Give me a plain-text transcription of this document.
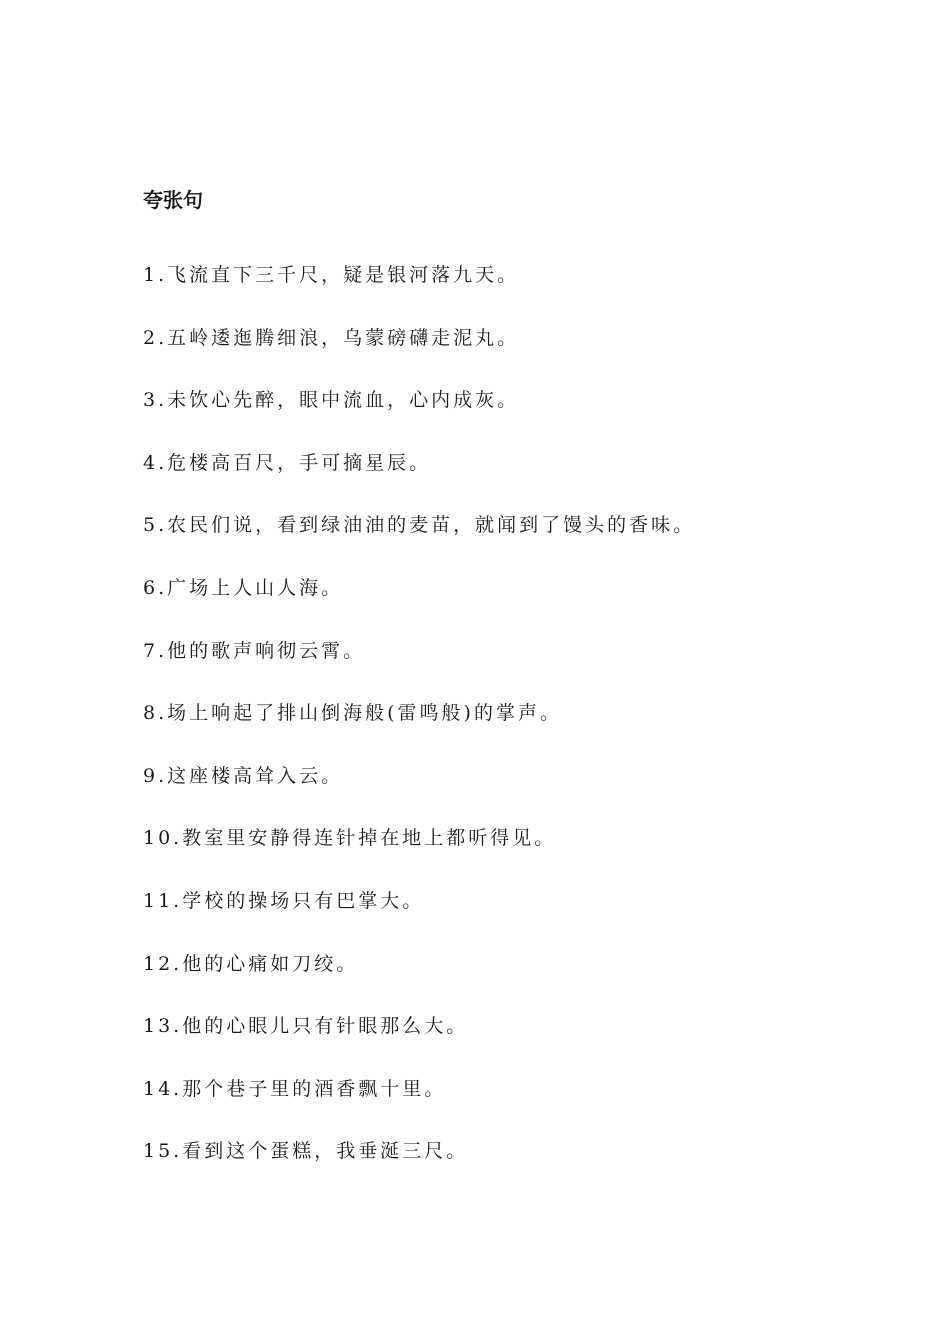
夸张句
1.飞流直下三千尺，疑是银河落九天。
2.五岭逶迤腾细浪，乌蒙磅礴走泥丸。
3.未饮心先醉，眼中流血，心内成灰。
4.危楼高百尺，手可摘星辰。
5.农民们说，看到绿油油的麦苗，就闻到了馒头的香味。
6.广场上人山人海。
7.他的歌声响彻云霄。
8.场上响起了排山倒海般(雷鸣般)的掌声。
9.这座楼高耸入云。
10.教室里安静得连针掉在地上都听得见。
11.学校的操场只有巴掌大。
12.他的心痛如刀绞。
13.他的心眼儿只有针眼那么大。
14.那个巷子里的酒香飘十里。
15.看到这个蛋糕，我垂涎三尺。
